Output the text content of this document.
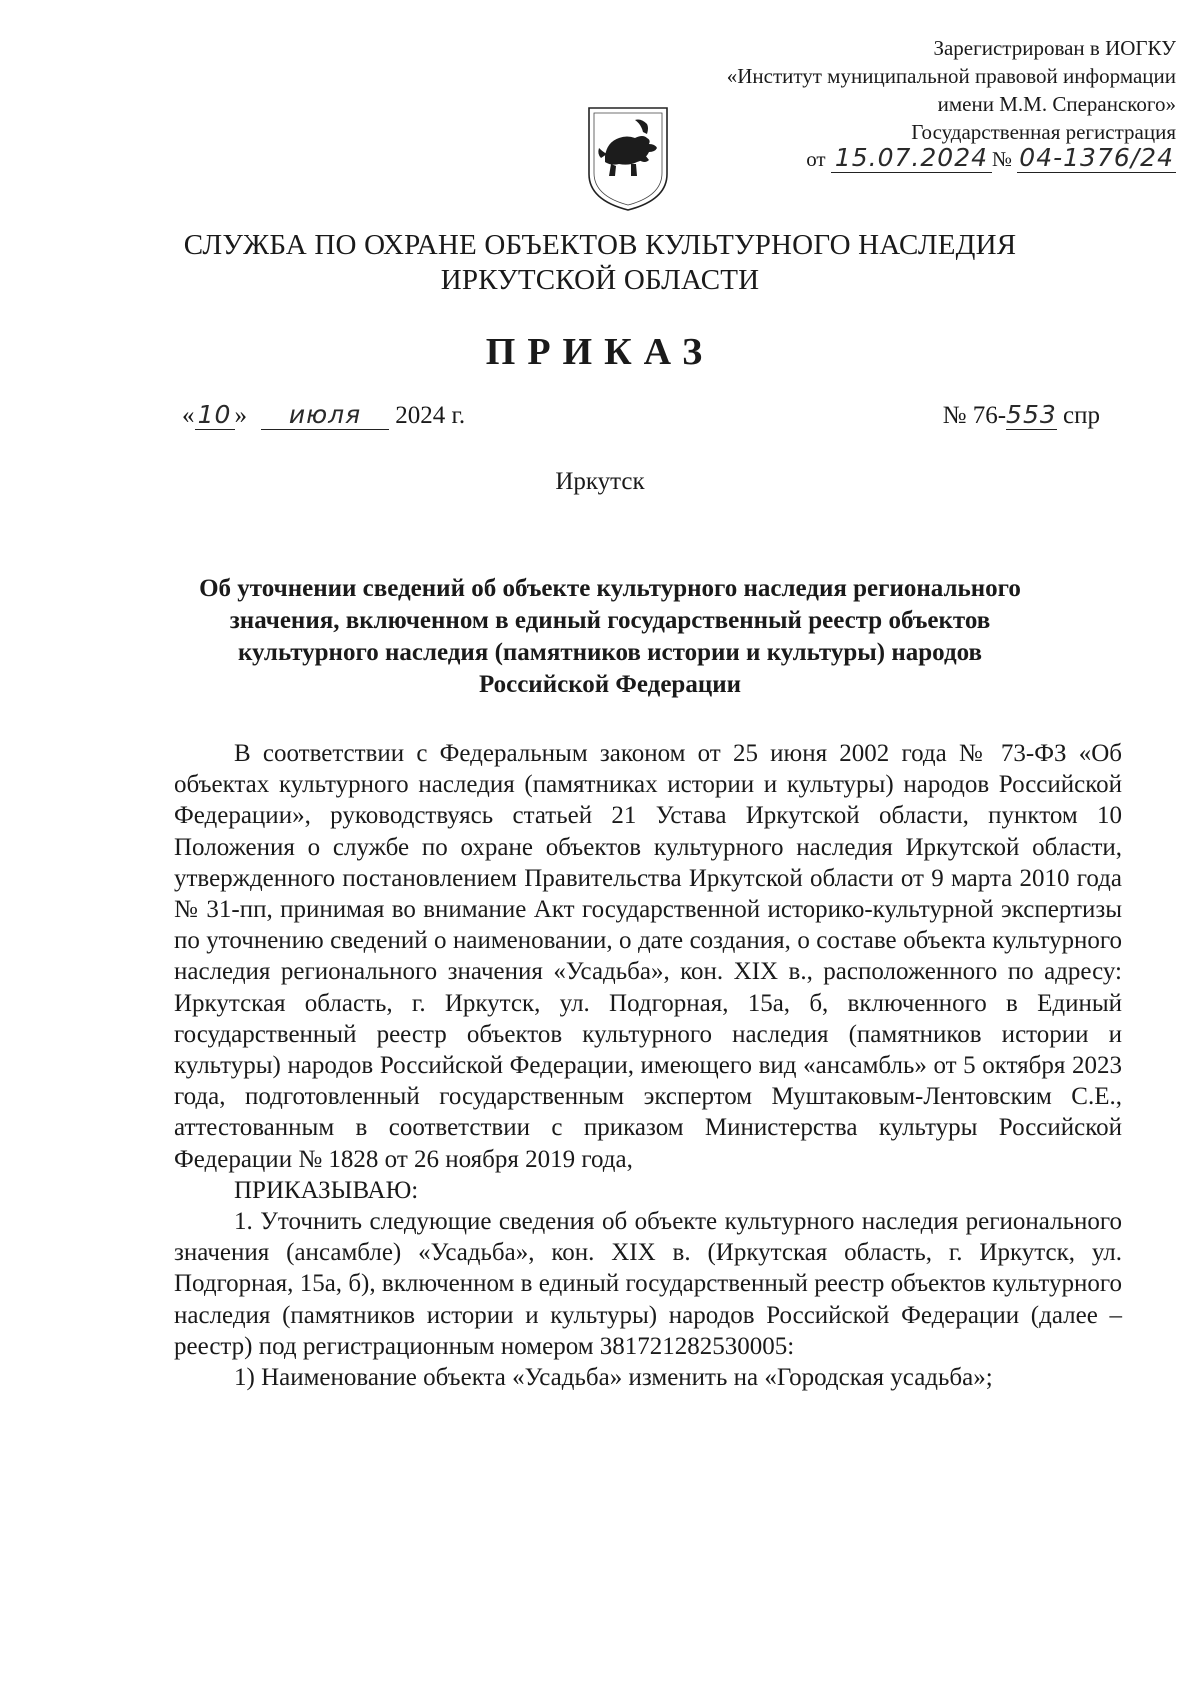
Зарегистрирован в ИОГКУ
«Институт муниципальной правовой информации
имени М.М. Сперанского»
Государственная регистрация
от 15.07.2024 № 04-1376/24
СЛУЖБА ПО ОХРАНЕ ОБЪЕКТОВ КУЛЬТУРНОГО НАСЛЕДИЯ
ИРКУТСКОЙ ОБЛАСТИ
ПРИКАЗ
« 10 » июля 2024 г.	№ 76-553 спр
Иркутск
Об уточнении сведений об объекте культурного наследия регионального
значения, включенном в единый государственный реестр объектов
культурного наследия (памятников истории и культуры) народов
Российской Федерации

В соответствии с Федеральным законом от 25 июня 2002 года № 73-ФЗ «Об объектах культурного наследия (памятниках истории и культуры) народов Российской Федерации», руководствуясь статьей 21 Устава Иркутской области, пунктом 10 Положения о службе по охране объектов культурного наследия Иркутской области, утвержденного постановлением Правительства Иркутской области от 9 марта 2010 года № 31-пп, принимая во внимание Акт государственной историко-культурной экспертизы по уточнению сведений о наименовании, о дате создания, о составе объекта культурного наследия регионального значения «Усадьба», кон. XIX в., расположенного по адресу: Иркутская область, г. Иркутск, ул. Подгорная, 15а, б, включенного в Единый государственный реестр объектов культурного наследия (памятников истории и культуры) народов Российской Федерации, имеющего вид «ансамбль» от 5 октября 2023 года, подготовленный государственным экспертом Муштаковым-Лентовским С.Е., аттестованным в соответствии с приказом Министерства культуры Российской Федерации № 1828 от 26 ноября 2019 года,

ПРИКАЗЫВАЮ:

1. Уточнить следующие сведения об объекте культурного наследия регионального значения (ансамбле) «Усадьба», кон. XIX в. (Иркутская область, г. Иркутск, ул. Подгорная, 15а, б), включенном в единый государственный реестр объектов культурного наследия (памятников истории и культуры) народов Российской Федерации (далее – реестр) под регистрационным номером 381721282530005:

1) Наименование объекта «Усадьба» изменить на «Городская усадьба»;
